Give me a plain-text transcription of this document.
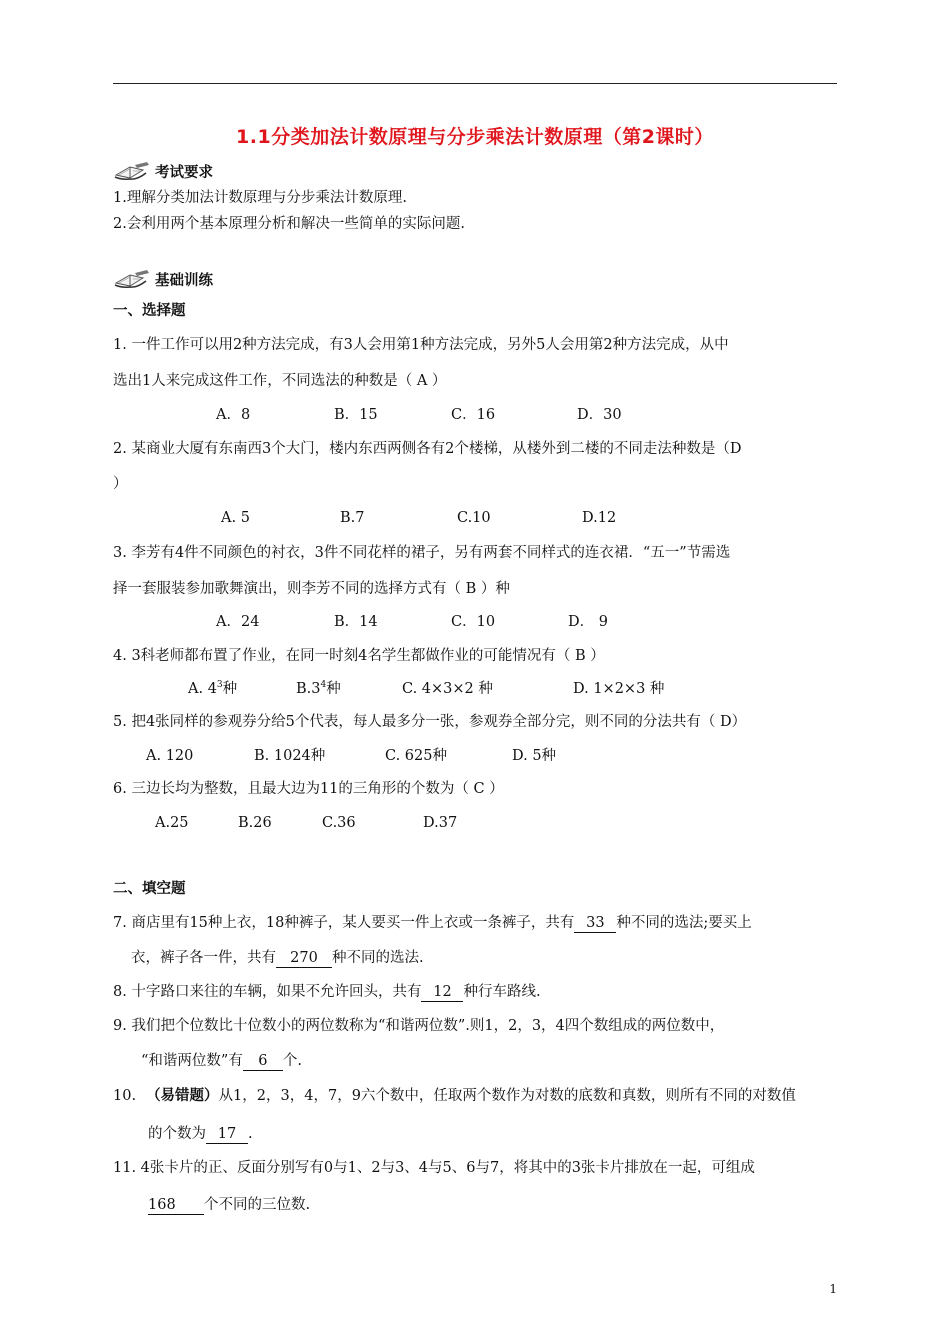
1.1分类加法计数原理与分步乘法计数原理（第2课时）
考试要求
1.理解分类加法计数原理与分步乘法计数原理.
2.会利用两个基本原理分析和解决一些简单的实际问题.
基础训练
一、选择题
1. 一件工作可以用2种方法完成，有3人会用第1种方法完成，另外5人会用第2种方法完成，从中
选出1人来完成这件工作，不同选法的种数是（ A ）
A．8	B．15	C．16	D．30
2. 某商业大厦有东南西3个大门，楼内东西两侧各有2个楼梯，从楼外到二楼的不同走法种数是（D
）
A. 5	B.7	C.10	D.12
3. 李芳有4件不同颜色的衬衣，3件不同花样的裙子，另有两套不同样式的连衣裙．“五一”节需选
择一套服装参加歌舞演出，则李芳不同的选择方式有（ B ）种
A．24	B．14	C．10	D． 9
4. 3科老师都布置了作业，在同一时刻4名学生都做作业的可能情况有（ B ）
A. $4^3$种	$B.3^4$种	C. 4×3×2 种	D. 1×2×3 种
5. 把4张同样的参观券分给5个代表，每人最多分一张，参观券全部分完，则不同的分法共有（ D）
A. 120	B. 1024种	C. 625种	D. 5种
6. 三边长均为整数，且最大边为11的三角形的个数为（ C ）
A.25	B.26	C.36	D.37
二、填空题
7. 商店里有15种上衣，18种裤子，某人要买一件上衣或一条裤子，共有 33 种不同的选法;要买上
衣，裤子各一件，共有 270 种不同的选法.
8. 十字路口来往的车辆，如果不允许回头，共有 12 种行车路线.
9. 我们把个位数比十位数小的两位数称为“和谐两位数”.则1，2，3，4四个数组成的两位数中，
“和谐两位数”有 6 个.
10. （易错题）从1，2，3，4，7，9六个数中，任取两个数作为对数的底数和真数，则所有不同的对数值
的个数为 17 .
11. 4张卡片的正、反面分别写有0与1、2与3、4与5、6与7，将其中的3张卡片排放在一起，可组成
168 个不同的三位数.
1
